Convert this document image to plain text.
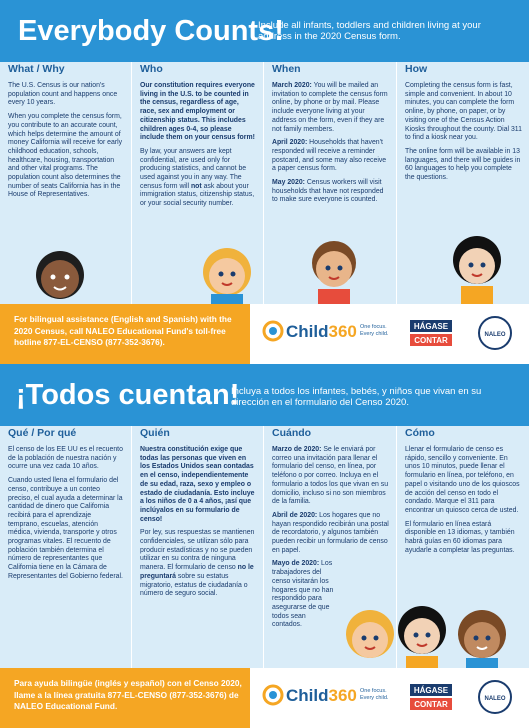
Everybody Counts!
Include all infants, toddlers and children living at your address in the 2020 Census form.
What / Why	Who	When	How

The U.S. Census is our nation's population count and happens once every 10 years.

When you complete the census form, you contribute to an accurate count, which helps determine the amount of money California will receive for early childhood education, schools, healthcare, housing, transportation and other vital programs. The population count also determines the number of seats California has in the House of Representatives.

Our constitution requires everyone living in the U.S. to be counted in the census, regardless of age, race, sex and employment or citizenship status. This includes children ages 0-4, so please include them on your census form!

By law, your answers are kept confidential, are used only for producing statistics, and cannot be used against you in any way. The census form will not ask about your immigration status, citizenship status, or your social security number.

March 2020: You will be mailed an invitation to complete the census form online, by phone or by mail. Please include everyone living at your address on the form, even if they are not family members.

April 2020: Households that haven't responded will receive a reminder postcard, and some may also receive a paper census form.

May 2020: Census workers will visit households that have not responded to make sure everyone is counted.

Completing the census form is fast, simple and convenient. In about 10 minutes, you can complete the form online, by phone, on paper, or by visiting one of the Census Action Kiosks throughout the county. Dial 311 to find a kiosk near you.

The online form will be available in 13 languages, and there will be guides in 60 languages to help you complete the questions.

For bilingual assistance (English and Spanish) with the 2020 Census, call NALEO Educational Fund's toll-free hotline 877-EL-CENSO (877-352-3676).
Child360 One focus. Every child.
HÁGASE
CONTAR
NALEO
¡Todos cuentan!
Incluya a todos los infantes, bebés, y niños que vivan en su dirección en el formulario del Censo 2020.
Qué / Por qué	Quién	Cuándo	Cómo

El censo de los EE UU es el recuento de la población de nuestra nación y ocurre una vez cada 10 años.

Cuando usted llena el formulario del censo, contribuye a un conteo preciso, el cual ayuda a determinar la cantidad de dinero que California recibirá para el aprendizaje temprano, escuelas, atención médica, vivienda, transporte y otros programas vitales. El recuento de población también determina el número de representantes que California tiene en la Cámara de Representantes del Gobierno federal.

Nuestra constitución exige que todas las personas que viven en los Estados Unidos sean contadas en el censo, independientemente de su edad, raza, sexo y empleo o estado de ciudadanía. Esto incluye a los niños de 0 a 4 años, ¡así que inclúyalos en su formulario de censo!

Por ley, sus respuestas se mantienen confidenciales, se utilizan sólo para producir estadísticas y no se pueden utilizar en su contra de ninguna manera. El formulario de censo no le preguntará sobre su estatus migratorio, estatus de ciudadanía o número de seguro social.

Marzo de 2020: Se le enviará por correo una invitación para llenar el formulario del censo, en línea, por teléfono o por correo. Incluya en el formulario a todos los que vivan en su domicilio, incluso si no son miembros de la familia.

Abril de 2020: Los hogares que no hayan respondido recibirán una postal de recordatorio, y algunos también pueden recibir un formulario de censo en papel.

Mayo de 2020: Los trabajadores del censo visitarán los hogares que no han respondido para asegurarse de que todos sean contados.

Llenar el formulario de censo es rápido, sencillo y conveniente. En unos 10 minutos, puede llenar el formulario en línea, por teléfono, en papel o visitando uno de los quioscos de acción del censo en todo el condado. Marque el 311 para encontrar un quiosco cerca de usted.

El formulario en línea estará disponible en 13 idiomas, y también habrá guías en 60 idiomas para ayudarle a completar las preguntas.

Para ayuda bilingüe (inglés y español) con el Censo 2020, llame a la línea gratuita 877-EL-CENSO (877-352-3676) de NALEO Educational Fund.
Child360 One focus. Every child.
HÁGASE
CONTAR
NALEO
